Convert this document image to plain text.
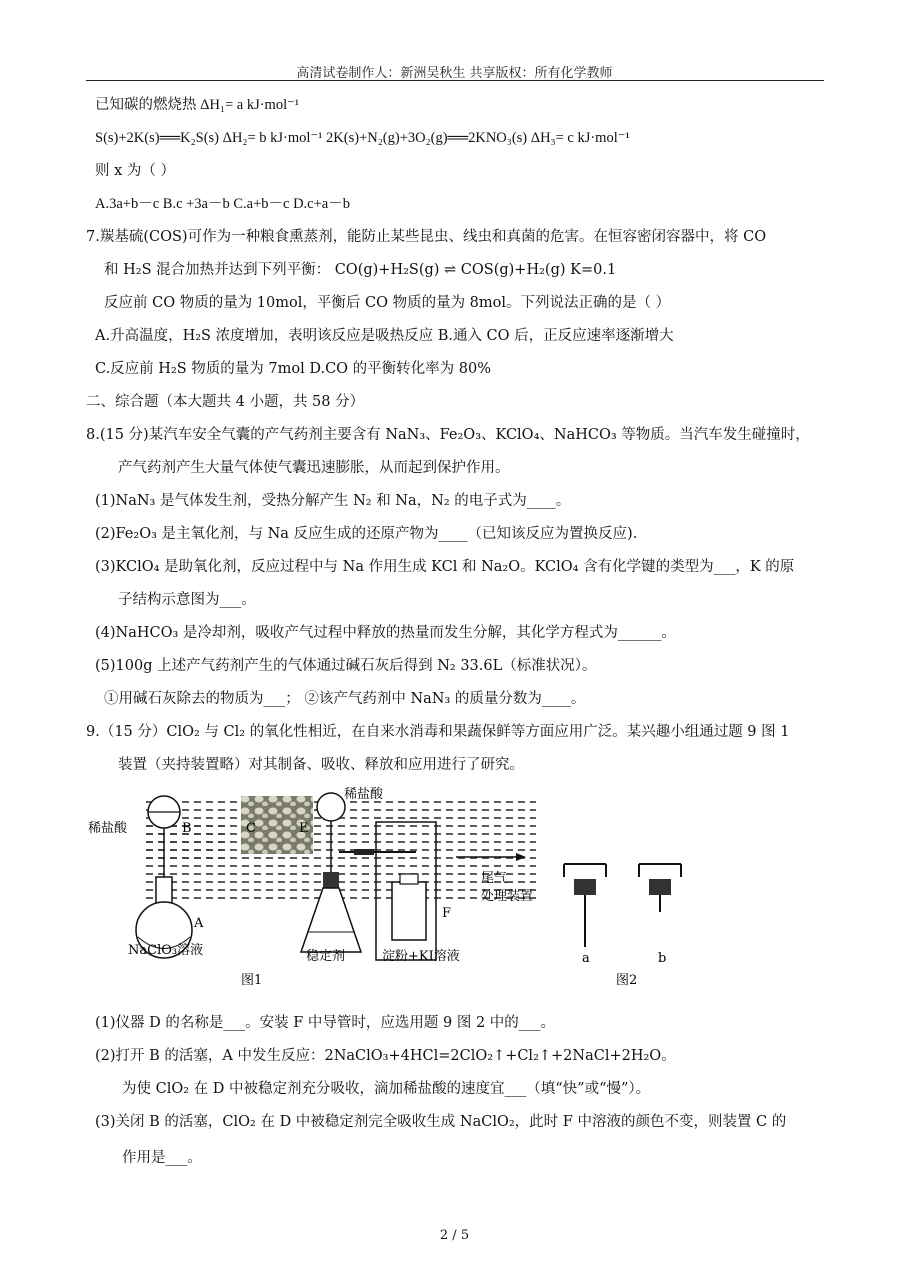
高清试卷制作人：新洲吴秋生 共享版权：所有化学教师
已知碳的燃烧热 ΔH₁= a kJ·mol⁻¹
S(s)+2K(s)══K₂S(s) ΔH₂= b kJ·mol⁻¹ 2K(s)+N₂(g)+3O₂(g)══2KNO₃(s) ΔH₃= c kJ·mol⁻¹
则 x 为（ ）
A.3a+b－c B.c +3a－b C.a+b－c D.c+a－b
7.羰基硫(COS)可作为一种粮食熏蒸剂，能防止某些昆虫、线虫和真菌的危害。在恒容密闭容器中，将 CO
和 H₂S 混合加热并达到下列平衡： CO(g)+H₂S(g) ⇌ COS(g)+H₂(g) K=0.1
反应前 CO 物质的量为 10mol，平衡后 CO 物质的量为 8mol。下列说法正确的是（ ）
A.升高温度，H₂S 浓度增加，表明该反应是吸热反应 B.通入 CO 后，正反应速率逐渐增大
C.反应前 H₂S 物质的量为 7mol D.CO 的平衡转化率为 80%
二、综合题（本大题共 4 小题，共 58 分）
8.(15 分)某汽车安全气囊的产气药剂主要含有 NaN₃、Fe₂O₃、KClO₄、NaHCO₃ 等物质。当汽车发生碰撞时，
产气药剂产生大量气体使气囊迅速膨胀，从而起到保护作用。
(1)NaN₃ 是气体发生剂，受热分解产生 N₂ 和 Na，N₂ 的电子式为____。
(2)Fe₂O₃ 是主氧化剂，与 Na 反应生成的还原产物为____（已知该反应为置换反应).
(3)KClO₄ 是助氧化剂，反应过程中与 Na 作用生成 KCl 和 Na₂O。KClO₄ 含有化学键的类型为___，K 的原
子结构示意图为___。
(4)NaHCO₃ 是冷却剂，吸收产气过程中释放的热量而发生分解，其化学方程式为______。
(5)100g 上述产气药剂产生的气体通过碱石灰后得到 N₂ 33.6L（标准状况）。
①用碱石灰除去的物质为___； ②该产气药剂中 NaN₃ 的质量分数为____。
9.（15 分）ClO₂ 与 Cl₂ 的氧化性相近，在自来水消毒和果蔬保鲜等方面应用广泛。某兴趣小组通过题 9 图 1
装置（夹持装置略）对其制备、吸收、释放和应用进行了研究。
稀盐酸
稀盐酸
B	C	E
A
F
NaClO₃溶液	稳定剂	淀粉+KI溶液
尾气
处理装置
图1	图2
a	b
(1)仪器 D 的名称是___。安装 F 中导管时，应选用题 9 图 2 中的___。
(2)打开 B 的活塞，A 中发生反应：2NaClO₃+4HCl=2ClO₂↑+Cl₂↑+2NaCl+2H₂O。
为使 ClO₂ 在 D 中被稳定剂充分吸收，滴加稀盐酸的速度宜___（填“快”或“慢”）。
(3)关闭 B 的活塞，ClO₂ 在 D 中被稳定剂完全吸收生成 NaClO₂，此时 F 中溶液的颜色不变，则装置 C 的
作用是___。
2 / 5
